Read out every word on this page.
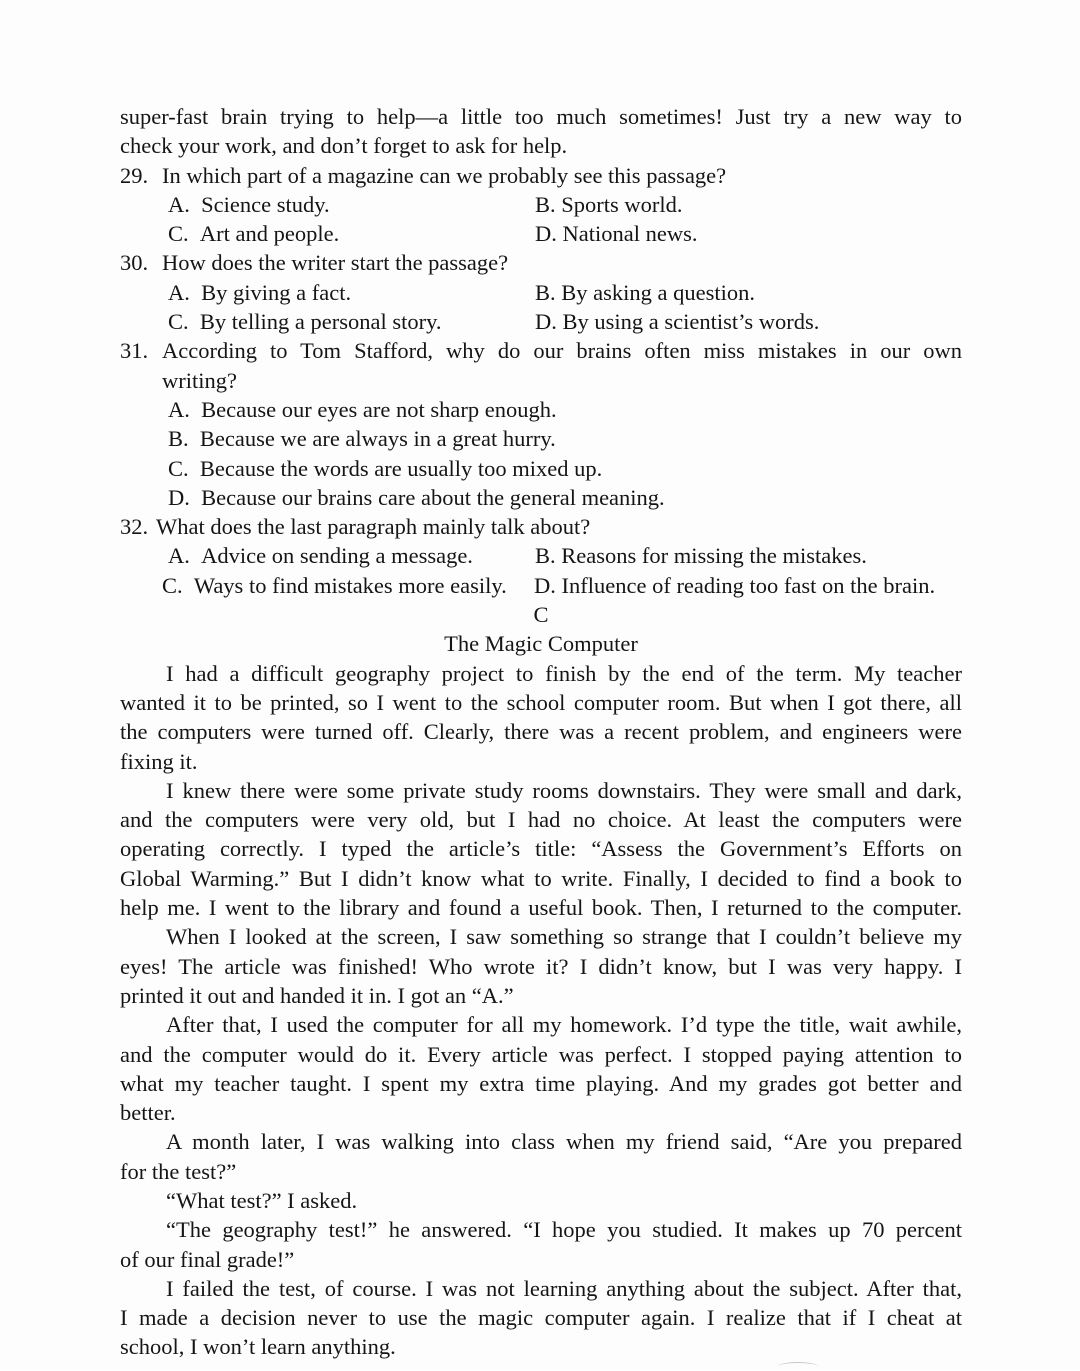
super-fast brain trying to help—a little too much sometimes! Just try a new way to
check your work, and don’t forget to ask for help.
29. In which part of a magazine can we probably see this passage?
A. Science study.	B. Sports world.
C. Art and people.	D. National news.
30. How does the writer start the passage?
A. By giving a fact.	B. By asking a question.
C. By telling a personal story.	D. By using a scientist’s words.
31. According to Tom Stafford, why do our brains often miss mistakes in our own
writing?
A. Because our eyes are not sharp enough.
B. Because we are always in a great hurry.
C. Because the words are usually too mixed up.
D. Because our brains care about the general meaning.
32. What does the last paragraph mainly talk about?
A. Advice on sending a message.	B. Reasons for missing the mistakes.
C. Ways to find mistakes more easily. D. Influence of reading too fast on the brain.
C
The Magic Computer
I had a difficult geography project to finish by the end of the term. My teacher
wanted it to be printed, so I went to the school computer room. But when I got there, all
the computers were turned off. Clearly, there was a recent problem, and engineers were
fixing it.
I knew there were some private study rooms downstairs. They were small and dark,
and the computers were very old, but I had no choice. At least the computers were
operating correctly. I typed the article’s title: “Assess the Government’s Efforts on
Global Warming.” But I didn’t know what to write. Finally, I decided to find a book to
help me. I went to the library and found a useful book. Then, I returned to the computer.
When I looked at the screen, I saw something so strange that I couldn’t believe my
eyes! The article was finished! Who wrote it? I didn’t know, but I was very happy. I
printed it out and handed it in. I got an “A.”
After that, I used the computer for all my homework. I’d type the title, wait awhile,
and the computer would do it. Every article was perfect. I stopped paying attention to
what my teacher taught. I spent my extra time playing. And my grades got better and
better.
A month later, I was walking into class when my friend said, “Are you prepared
for the test?”
“What test?” I asked.
“The geography test!” he answered. “I hope you studied. It makes up 70 percent
of our final grade!”
I failed the test, of course. I was not learning anything about the subject. After that,
I made a decision never to use the magic computer again. I realize that if I cheat at
school, I won’t learn anything.
